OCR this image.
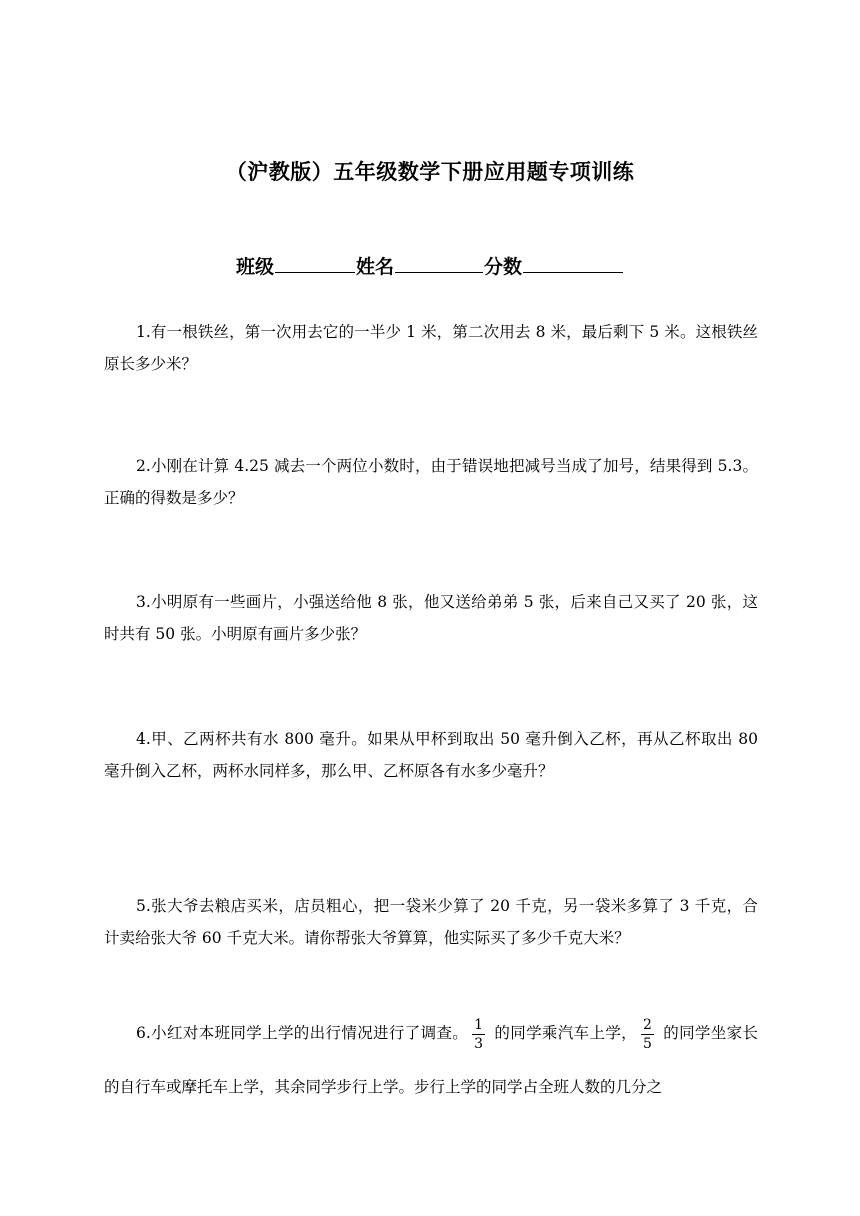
（沪教版）五年级数学下册应用题专项训练
班级	姓名	分数
1.有一根铁丝，第一次用去它的一半少 1 米，第二次用去 8 米，最后剩下 5 米。这根铁丝原长多少米？
2.小刚在计算 4.25 减去一个两位小数时，由于错误地把减号当成了加号，结果得到 5.3。正确的得数是多少？
3.小明原有一些画片，小强送给他 8 张，他又送给弟弟 5 张，后来自己又买了 20 张，这时共有 50 张。小明原有画片多少张？
4.甲、乙两杯共有水 800 毫升。如果从甲杯到取出 50 毫升倒入乙杯，再从乙杯取出 80 毫升倒入乙杯，两杯水同样多，那么甲、乙杯原各有水多少毫升？
5.张大爷去粮店买米，店员粗心，把一袋米少算了 20 千克，另一袋米多算了 3 千克，合计卖给张大爷 60 千克大米。请你帮张大爷算算，他实际买了多少千克大米？
6.小红对本班同学上学的出行情况进行了调查。 $\frac{1}{3}$ 的同学乘汽车上学， $\frac{2}{5}$ 的同学坐家长的自行车或摩托车上学，其余同学步行上学。步行上学的同学占全班人数的几分之
